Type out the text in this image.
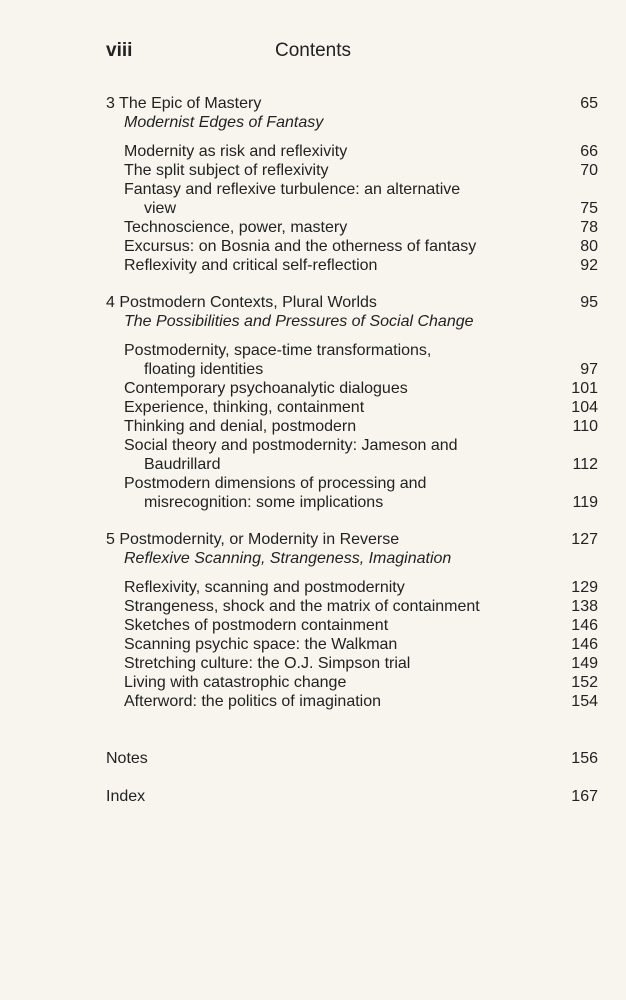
viii	Contents
3 The Epic of Mastery	65
Modernist Edges of Fantasy
Modernity as risk and reflexivity	66
The split subject of reflexivity	70
Fantasy and reflexive turbulence: an alternative
view	75
Technoscience, power, mastery	78
Excursus: on Bosnia and the otherness of fantasy	80
Reflexivity and critical self-reflection	92
4 Postmodern Contexts, Plural Worlds	95
The Possibilities and Pressures of Social Change
Postmodernity, space-time transformations,
floating identities	97
Contemporary psychoanalytic dialogues	101
Experience, thinking, containment	104
Thinking and denial, postmodern	110
Social theory and postmodernity: Jameson and
Baudrillard	112
Postmodern dimensions of processing and
misrecognition: some implications	119
5 Postmodernity, or Modernity in Reverse	127
Reflexive Scanning, Strangeness, Imagination
Reflexivity, scanning and postmodernity	129
Strangeness, shock and the matrix of containment	138
Sketches of postmodern containment	146
Scanning psychic space: the Walkman	146
Stretching culture: the O.J. Simpson trial	149
Living with catastrophic change	152
Afterword: the politics of imagination	154
Notes	156
Index	167
